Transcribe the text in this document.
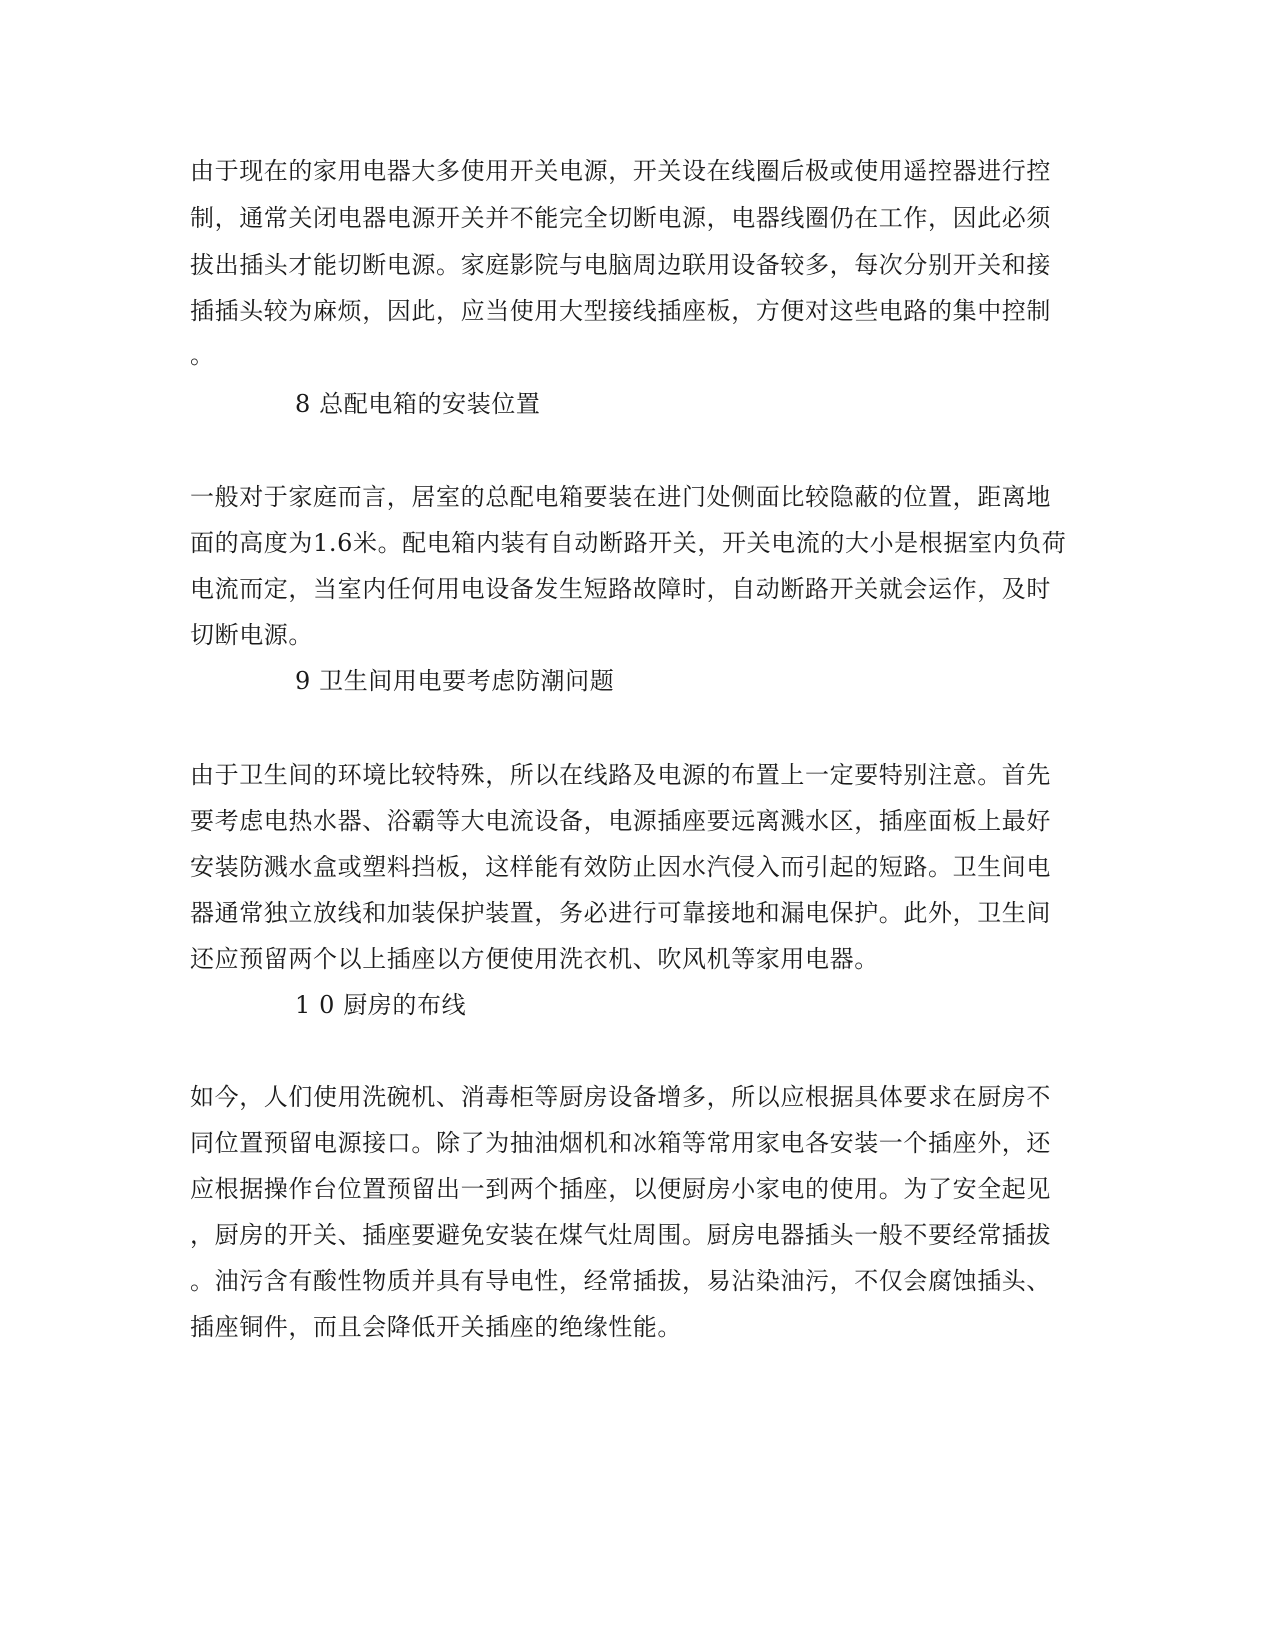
由于现在的家用电器大多使用开关电源，开关设在线圈后极或使用遥控器进行控
制，通常关闭电器电源开关并不能完全切断电源，电器线圈仍在工作，因此必须
拔出插头才能切断电源。家庭影院与电脑周边联用设备较多，每次分别开关和接
插插头较为麻烦，因此，应当使用大型接线插座板，方便对这些电路的集中控制
。
8 总配电箱的安装位置
一般对于家庭而言，居室的总配电箱要装在进门处侧面比较隐蔽的位置，距离地
面的高度为1.6米。配电箱内装有自动断路开关，开关电流的大小是根据室内负荷
电流而定，当室内任何用电设备发生短路故障时，自动断路开关就会运作，及时
切断电源。
9 卫生间用电要考虑防潮问题
由于卫生间的环境比较特殊，所以在线路及电源的布置上一定要特别注意。首先
要考虑电热水器、浴霸等大电流设备，电源插座要远离溅水区，插座面板上最好
安装防溅水盒或塑料挡板，这样能有效防止因水汽侵入而引起的短路。卫生间电
器通常独立放线和加装保护装置，务必进行可靠接地和漏电保护。此外，卫生间
还应预留两个以上插座以方便使用洗衣机、吹风机等家用电器。
1 0 厨房的布线
如今，人们使用洗碗机、消毒柜等厨房设备增多，所以应根据具体要求在厨房不
同位置预留电源接口。除了为抽油烟机和冰箱等常用家电各安装一个插座外，还
应根据操作台位置预留出一到两个插座，以便厨房小家电的使用。为了安全起见
，厨房的开关、插座要避免安装在煤气灶周围。厨房电器插头一般不要经常插拔
。油污含有酸性物质并具有导电性，经常插拔，易沾染油污，不仅会腐蚀插头、
插座铜件，而且会降低开关插座的绝缘性能。
